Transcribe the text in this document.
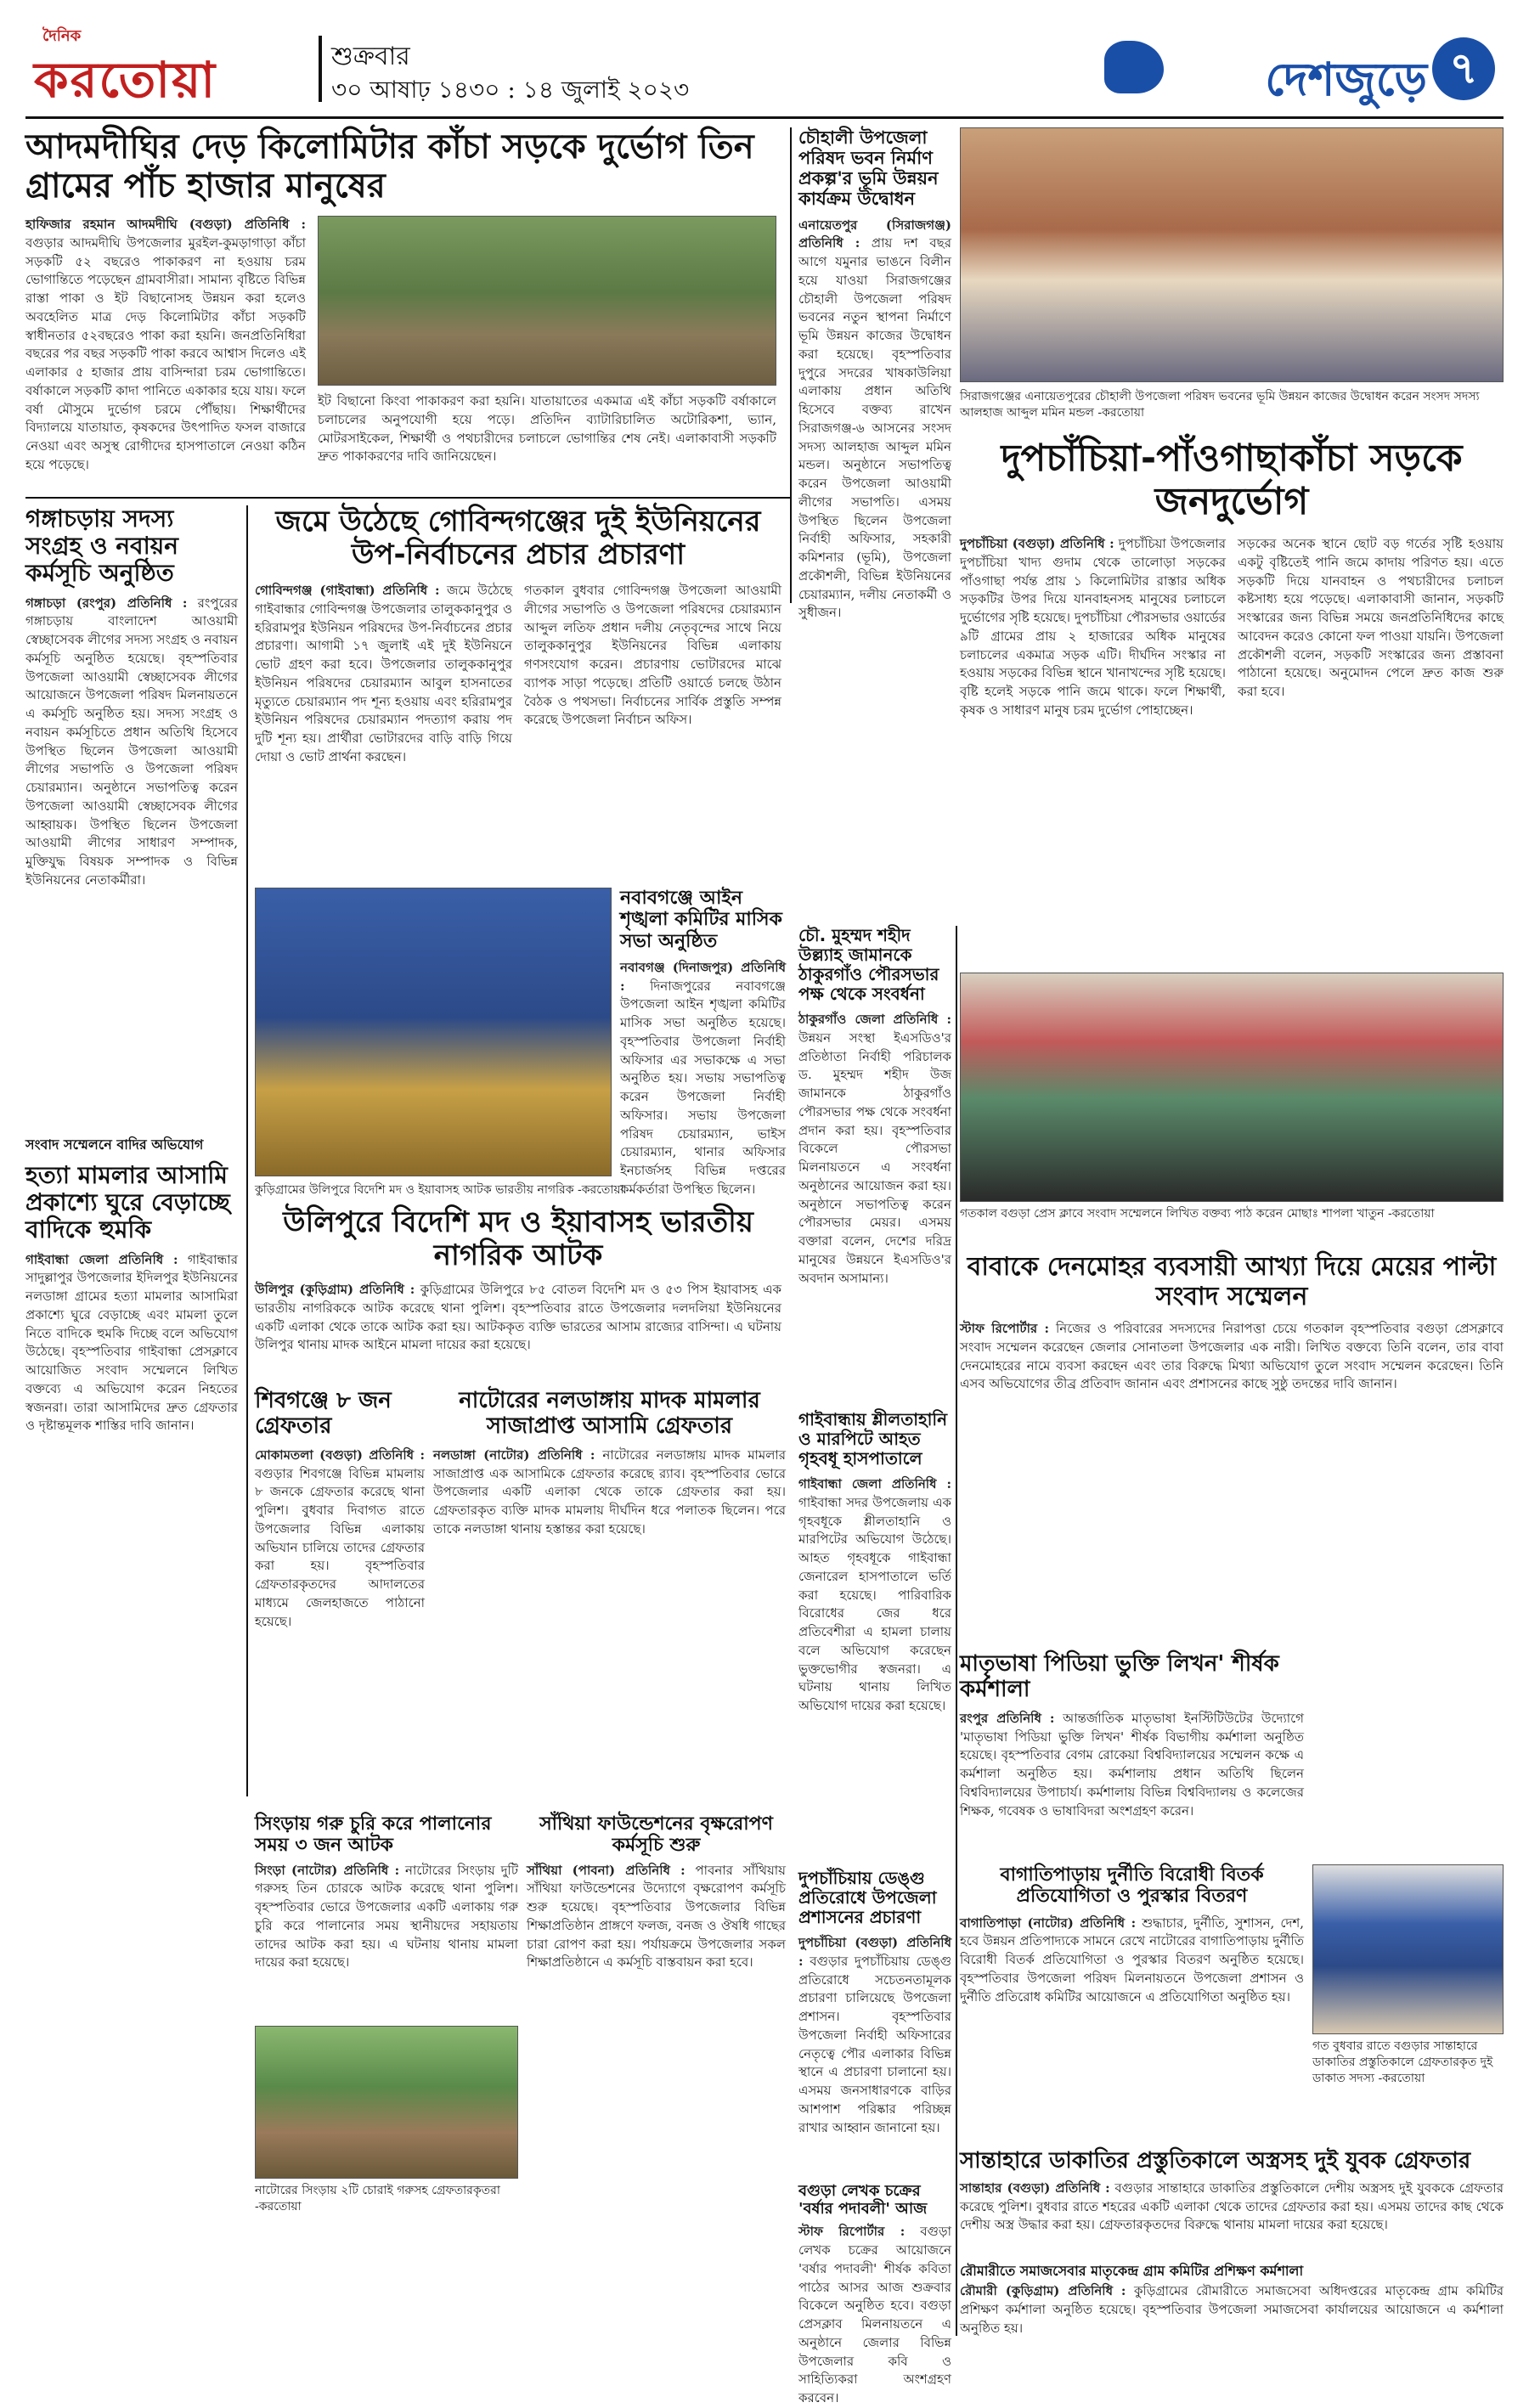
দৈনিক
করতোয়া	শুক্রবার
৩০ আষাঢ় ১৪৩০ : ১৪ জুলাই ২০২৩	দেশজুড়ে ৭
আদমদীঘির দেড় কিলোমিটার কাঁচা সড়কে দুর্ভোগ তিন গ্রামের পাঁচ হাজার মানুষের
হাফিজার রহমান আদমদীঘি (বগুড়া) প্রতিনিধি : বগুড়ার আদমদীঘি উপজেলার মুরইল-কুমড়াগাড়া কাঁচা সড়কটি ৫২ বছরেও পাকাকরণ না হওয়ায় চরম ভোগান্তিতে পড়েছেন গ্রামবাসীরা। সামান্য বৃষ্টিতে বিভিন্ন রাস্তা পাকা ও ইট বিছানোসহ উন্নয়ন করা হলেও অবহেলিত মাত্র দেড় কিলোমিটার কাঁচা সড়কটি স্বাধীনতার ৫২বছরেও পাকা করা হয়নি। জনপ্রতিনিধিরা বছরের পর বছর সড়কটি পাকা করবে আশ্বাস দিলেও এই এলাকার ৫ হাজার প্রায় বাসিন্দারা চরম ভোগান্তিতে। বর্ষাকালে সড়কটি কাদা পানিতে একাকার হয়ে যায়। ফলে বর্ষা মৌসুমে দুর্ভোগ চরমে পৌঁছায়। শিক্ষার্থীদের বিদ্যালয়ে যাতায়াত, কৃষকদের উৎপাদিত ফসল বাজারে নেওয়া এবং অসুস্থ রোগীদের হাসপাতালে নেওয়া কঠিন হয়ে পড়েছে।
ইট বিছানো কিংবা পাকাকরণ করা হয়নি। যাতায়াতের একমাত্র এই কাঁচা সড়কটি বর্ষাকালে চলাচলের অনুপযোগী হয়ে পড়ে। প্রতিদিন ব্যাটারিচালিত অটোরিকশা, ভ্যান, মোটরসাইকেল, শিক্ষার্থী ও পথচারীদের চলাচলে ভোগান্তির শেষ নেই। এলাকাবাসী সড়কটি দ্রুত পাকাকরণের দাবি জানিয়েছেন।
চৌহালী উপজেলা পরিষদ ভবন নির্মাণ প্রকল্প'র ভূমি উন্নয়ন কার্যক্রম উদ্বোধন
এনায়েতপুর (সিরাজগঞ্জ) প্রতিনিধি : প্রায় দশ বছর আগে যমুনার ভাঙনে বিলীন হয়ে যাওয়া সিরাজগঞ্জের চৌহালী উপজেলা পরিষদ ভবনের নতুন স্থাপনা নির্মাণে ভূমি উন্নয়ন কাজের উদ্বোধন করা হয়েছে। বৃহস্পতিবার দুপুরে সদরের খাষকাউলিয়া এলাকায় প্রধান অতিথি হিসেবে বক্তব্য রাখেন সিরাজগঞ্জ-৬ আসনের সংসদ সদস্য আলহাজ আব্দুল মমিন মন্ডল। অনুষ্ঠানে সভাপতিত্ব করেন উপজেলা আওয়ামী লীগের সভাপতি। এসময় উপস্থিত ছিলেন উপজেলা নির্বাহী অফিসার, সহকারী কমিশনার (ভূমি), উপজেলা প্রকৌশলী, বিভিন্ন ইউনিয়নের চেয়ারম্যান, দলীয় নেতাকর্মী ও সুধীজন।
সিরাজগঞ্জের এনায়েতপুরের চৌহালী উপজেলা পরিষদ ভবনের ভূমি উন্নয়ন কাজের উদ্বোধন করেন সংসদ সদস্য আলহাজ আব্দুল মমিন মন্ডল -করতোয়া
দুপচাঁচিয়া-পাঁওগাছাকাঁচা সড়কে জনদুর্ভোগ
দুপচাঁচিয়া (বগুড়া) প্রতিনিধি : দুপচাঁচিয়া উপজেলার দুপচাঁচিয়া খাদ্য গুদাম থেকে তালোড়া সড়কের পাঁওগাছা পর্যন্ত প্রায় ১ কিলোমিটার রাস্তার অধিক সড়কটির উপর দিয়ে যানবাহনসহ মানুষের চলাচলে দুর্ভোগের সৃষ্টি হয়েছে। দুপচাঁচিয়া পৌরসভার ওয়ার্ডের ৯টি গ্রামের প্রায় ২ হাজারের অধিক মানুষের চলাচলের একমাত্র সড়ক এটি। দীর্ঘদিন সংস্কার না হওয়ায় সড়কের বিভিন্ন স্থানে খানাখন্দের সৃষ্টি হয়েছে। বৃষ্টি হলেই সড়কে পানি জমে থাকে। ফলে শিক্ষার্থী, কৃষক ও সাধারণ মানুষ চরম দুর্ভোগ পোহাচ্ছেন।
সড়কের অনেক স্থানে ছোট বড় গর্তের সৃষ্টি হওয়ায় একটু বৃষ্টিতেই পানি জমে কাদায় পরিণত হয়। এতে সড়কটি দিয়ে যানবাহন ও পথচারীদের চলাচল কষ্টসাধ্য হয়ে পড়েছে। এলাকাবাসী জানান, সড়কটি সংস্কারের জন্য বিভিন্ন সময়ে জনপ্রতিনিধিদের কাছে আবেদন করেও কোনো ফল পাওয়া যায়নি। উপজেলা প্রকৌশলী বলেন, সড়কটি সংস্কারের জন্য প্রস্তাবনা পাঠানো হয়েছে। অনুমোদন পেলে দ্রুত কাজ শুরু করা হবে।
গঙ্গাচড়ায় সদস্য সংগ্রহ ও নবায়ন কর্মসূচি অনুষ্ঠিত
গঙ্গাচড়া (রংপুর) প্রতিনিধি : রংপুরের গঙ্গাচড়ায় বাংলাদেশ আওয়ামী স্বেচ্ছাসেবক লীগের সদস্য সংগ্রহ ও নবায়ন কর্মসূচি অনুষ্ঠিত হয়েছে। বৃহস্পতিবার উপজেলা আওয়ামী স্বেচ্ছাসেবক লীগের আয়োজনে উপজেলা পরিষদ মিলনায়তনে এ কর্মসূচি অনুষ্ঠিত হয়। সদস্য সংগ্রহ ও নবায়ন কর্মসূচিতে প্রধান অতিথি হিসেবে উপস্থিত ছিলেন উপজেলা আওয়ামী লীগের সভাপতি ও উপজেলা পরিষদ চেয়ারম্যান। অনুষ্ঠানে সভাপতিত্ব করেন উপজেলা আওয়ামী স্বেচ্ছাসেবক লীগের আহ্বায়ক। উপস্থিত ছিলেন উপজেলা আওয়ামী লীগের সাধারণ সম্পাদক, মুক্তিযুদ্ধ বিষয়ক সম্পাদক ও বিভিন্ন ইউনিয়নের নেতাকর্মীরা।
জমে উঠেছে গোবিন্দগঞ্জের দুই ইউনিয়নের উপ-নির্বাচনের প্রচার প্রচারণা
গোবিন্দগঞ্জ (গাইবান্ধা) প্রতিনিধি : জমে উঠেছে গাইবান্ধার গোবিন্দগঞ্জ উপজেলার তালুককানুপুর ও হরিরামপুর ইউনিয়ন পরিষদের উপ-নির্বাচনের প্রচার প্রচারণা। আগামী ১৭ জুলাই এই দুই ইউনিয়নে ভোট গ্রহণ করা হবে। উপজেলার তালুককানুপুর ইউনিয়ন পরিষদের চেয়ারম্যান আবুল হাসনাতের মৃত্যুতে চেয়ারম্যান পদ শূন্য হওয়ায় এবং হরিরামপুর ইউনিয়ন পরিষদের চেয়ারম্যান পদত্যাগ করায় পদ দুটি শূন্য হয়। প্রার্থীরা ভোটারদের বাড়ি বাড়ি গিয়ে দোয়া ও ভোট প্রার্থনা করছেন।
গতকাল বুধবার গোবিন্দগঞ্জ উপজেলা আওয়ামী লীগের সভাপতি ও উপজেলা পরিষদের চেয়ারম্যান আব্দুল লতিফ প্রধান দলীয় নেতৃবৃন্দের সাথে নিয়ে তালুককানুপুর ইউনিয়নের বিভিন্ন এলাকায় গণসংযোগ করেন। প্রচারণায় ভোটারদের মাঝে ব্যাপক সাড়া পড়েছে। প্রতিটি ওয়ার্ডে চলছে উঠান বৈঠক ও পথসভা। নির্বাচনের সার্বিক প্রস্তুতি সম্পন্ন করেছে উপজেলা নির্বাচন অফিস।
চৌ. মুহম্মদ শহীদ উল্ল্যাহ জামানকে ঠাকুরগাঁও পৌরসভার পক্ষ থেকে সংবর্ধনা
ঠাকুরগাঁও জেলা প্রতিনিধি : উন্নয়ন সংস্থা ইএসডিও'র প্রতিষ্ঠাতা নির্বাহী পরিচালক ড. মুহম্মদ শহীদ উজ জামানকে ঠাকুরগাঁও পৌরসভার পক্ষ থেকে সংবর্ধনা প্রদান করা হয়। বৃহস্পতিবার বিকেলে পৌরসভা মিলনায়তনে এ সংবর্ধনা অনুষ্ঠানের আয়োজন করা হয়। অনুষ্ঠানে সভাপতিত্ব করেন পৌরসভার মেয়র। এসময় বক্তারা বলেন, দেশের দরিদ্র মানুষের উন্নয়নে ইএসডিও'র অবদান অসামান্য।
কুড়িগ্রামের উলিপুরে বিদেশি মদ ও ইয়াবাসহ আটক ভারতীয় নাগরিক -করতোয়া
নবাবগঞ্জে আইন শৃঙ্খলা কমিটির মাসিক সভা অনুষ্ঠিত
নবাবগঞ্জ (দিনাজপুর) প্রতিনিধি : দিনাজপুরের নবাবগঞ্জে উপজেলা আইন শৃঙ্খলা কমিটির মাসিক সভা অনুষ্ঠিত হয়েছে। বৃহস্পতিবার উপজেলা নির্বাহী অফিসার এর সভাকক্ষে এ সভা অনুষ্ঠিত হয়। সভায় সভাপতিত্ব করেন উপজেলা নির্বাহী অফিসার। সভায় উপজেলা পরিষদ চেয়ারম্যান, ভাইস চেয়ারম্যান, থানার অফিসার ইনচার্জসহ বিভিন্ন দপ্তরের কর্মকর্তারা উপস্থিত ছিলেন।
গতকাল বগুড়া প্রেস ক্লাবে সংবাদ সম্মেলনে লিখিত বক্তব্য পাঠ করেন মোছাঃ শাপলা খাতুন -করতোয়া
সংবাদ সম্মেলনে বাদির অভিযোগ
হত্যা মামলার আসামি প্রকাশ্যে ঘুরে বেড়াচ্ছে বাদিকে হুমকি
গাইবান্ধা জেলা প্রতিনিধি : গাইবান্ধার সাদুল্লাপুর উপজেলার ইদিলপুর ইউনিয়নের নলডাঙ্গা গ্রামের হত্যা মামলার আসামিরা প্রকাশ্যে ঘুরে বেড়াচ্ছে এবং মামলা তুলে নিতে বাদিকে হুমকি দিচ্ছে বলে অভিযোগ উঠেছে। বৃহস্পতিবার গাইবান্ধা প্রেসক্লাবে আয়োজিত সংবাদ সম্মেলনে লিখিত বক্তব্যে এ অভিযোগ করেন নিহতের স্বজনরা। তারা আসামিদের দ্রুত গ্রেফতার ও দৃষ্টান্তমূলক শাস্তির দাবি জানান।
উলিপুরে বিদেশি মদ ও ইয়াবাসহ ভারতীয় নাগরিক আটক
উলিপুর (কুড়িগ্রাম) প্রতিনিধি : কুড়িগ্রামের উলিপুরে ৮৫ বোতল বিদেশি মদ ও ৫৩ পিস ইয়াবাসহ এক ভারতীয় নাগরিককে আটক করেছে থানা পুলিশ। বৃহস্পতিবার রাতে উপজেলার দলদলিয়া ইউনিয়নের একটি এলাকা থেকে তাকে আটক করা হয়। আটককৃত ব্যক্তি ভারতের আসাম রাজ্যের বাসিন্দা। এ ঘটনায় উলিপুর থানায় মাদক আইনে মামলা দায়ের করা হয়েছে।
বাবাকে দেনমোহর ব্যবসায়ী আখ্যা দিয়ে মেয়ের পাল্টা সংবাদ সম্মেলন
স্টাফ রিপোর্টার : নিজের ও পরিবারের সদস্যদের নিরাপত্তা চেয়ে গতকাল বৃহস্পতিবার বগুড়া প্রেসক্লাবে সংবাদ সম্মেলন করেছেন জেলার সোনাতলা উপজেলার এক নারী। লিখিত বক্তব্যে তিনি বলেন, তার বাবা দেনমোহরের নামে ব্যবসা করছেন এবং তার বিরুদ্ধে মিথ্যা অভিযোগ তুলে সংবাদ সম্মেলন করেছেন। তিনি এসব অভিযোগের তীব্র প্রতিবাদ জানান এবং প্রশাসনের কাছে সুষ্ঠু তদন্তের দাবি জানান।
গাইবান্ধায় শ্লীলতাহানি ও মারপিটে আহত গৃহবধূ হাসপাতালে
গাইবান্ধা জেলা প্রতিনিধি : গাইবান্ধা সদর উপজেলায় এক গৃহবধূকে শ্লীলতাহানি ও মারপিটের অভিযোগ উঠেছে। আহত গৃহবধূকে গাইবান্ধা জেনারেল হাসপাতালে ভর্তি করা হয়েছে। পারিবারিক বিরোধের জের ধরে প্রতিবেশীরা এ হামলা চালায় বলে অভিযোগ করেছেন ভুক্তভোগীর স্বজনরা। এ ঘটনায় থানায় লিখিত অভিযোগ দায়ের করা হয়েছে।
শিবগঞ্জে ৮ জন গ্রেফতার
মোকামতলা (বগুড়া) প্রতিনিধি : বগুড়ার শিবগঞ্জে বিভিন্ন মামলায় ৮ জনকে গ্রেফতার করেছে থানা পুলিশ। বুধবার দিবাগত রাতে উপজেলার বিভিন্ন এলাকায় অভিযান চালিয়ে তাদের গ্রেফতার করা হয়। বৃহস্পতিবার গ্রেফতারকৃতদের আদালতের মাধ্যমে জেলহাজতে পাঠানো হয়েছে।
নাটোরের নলডাঙ্গায় মাদক মামলার সাজাপ্রাপ্ত আসামি গ্রেফতার
নলডাঙ্গা (নাটোর) প্রতিনিধি : নাটোরের নলডাঙ্গায় মাদক মামলার সাজাপ্রাপ্ত এক আসামিকে গ্রেফতার করেছে র‌্যাব। বৃহস্পতিবার ভোরে উপজেলার একটি এলাকা থেকে তাকে গ্রেফতার করা হয়। গ্রেফতারকৃত ব্যক্তি মাদক মামলায় দীর্ঘদিন ধরে পলাতক ছিলেন। পরে তাকে নলডাঙ্গা থানায় হস্তান্তর করা হয়েছে।
মাতৃভাষা পিডিয়া ভুক্তি লিখন' শীর্ষক কর্মশালা
রংপুর প্রতিনিধি : আন্তর্জাতিক মাতৃভাষা ইনস্টিটিউটের উদ্যোগে 'মাতৃভাষা পিডিয়া ভুক্তি লিখন' শীর্ষক বিভাগীয় কর্মশালা অনুষ্ঠিত হয়েছে। বৃহস্পতিবার বেগম রোকেয়া বিশ্ববিদ্যালয়ের সম্মেলন কক্ষে এ কর্মশালা অনুষ্ঠিত হয়। কর্মশালায় প্রধান অতিথি ছিলেন বিশ্ববিদ্যালয়ের উপাচার্য। কর্মশালায় বিভিন্ন বিশ্ববিদ্যালয় ও কলেজের শিক্ষক, গবেষক ও ভাষাবিদরা অংশগ্রহণ করেন।
দুপচাঁচিয়ায় ডেঙ্গু প্রতিরোধে উপজেলা প্রশাসনের প্রচারণা
দুপচাঁচিয়া (বগুড়া) প্রতিনিধি : বগুড়ার দুপচাঁচিয়ায় ডেঙ্গু প্রতিরোধে সচেতনতামূলক প্রচারণা চালিয়েছে উপজেলা প্রশাসন। বৃহস্পতিবার উপজেলা নির্বাহী অফিসারের নেতৃত্বে পৌর এলাকার বিভিন্ন স্থানে এ প্রচারণা চালানো হয়। এসময় জনসাধারণকে বাড়ির আশপাশ পরিষ্কার পরিচ্ছন্ন রাখার আহ্বান জানানো হয়।
বাগাতিপাড়ায় দুর্নীতি বিরোধী বিতর্ক প্রতিযোগিতা ও পুরস্কার বিতরণ
বাগাতিপাড়া (নাটোর) প্রতিনিধি : শুদ্ধাচার, দুর্নীতি, সুশাসন, দেশ, হবে উন্নয়ন প্রতিপাদ্যকে সামনে রেখে নাটোরের বাগাতিপাড়ায় দুর্নীতি বিরোধী বিতর্ক প্রতিযোগিতা ও পুরস্কার বিতরণ অনুষ্ঠিত হয়েছে। বৃহস্পতিবার উপজেলা পরিষদ মিলনায়তনে উপজেলা প্রশাসন ও দুর্নীতি প্রতিরোধ কমিটির আয়োজনে এ প্রতিযোগিতা অনুষ্ঠিত হয়।
গত বুধবার রাতে বগুড়ার সান্তাহারে ডাকাতির প্রস্তুতিকালে গ্রেফতারকৃত দুই ডাকাত সদস্য -করতোয়া
সিংড়ায় গরু চুরি করে পালানোর সময় ৩ জন আটক
সিংড়া (নাটোর) প্রতিনিধি : নাটোরের সিংড়ায় দুটি গরুসহ তিন চোরকে আটক করেছে থানা পুলিশ। বৃহস্পতিবার ভোরে উপজেলার একটি এলাকায় গরু চুরি করে পালানোর সময় স্থানীয়দের সহায়তায় তাদের আটক করা হয়। এ ঘটনায় থানায় মামলা দায়ের করা হয়েছে।
নাটোরের সিংড়ায় ২টি চোরাই গরুসহ গ্রেফতারকৃতরা -করতোয়া
সাঁথিয়া ফাউন্ডেশনের বৃক্ষরোপণ কর্মসূচি শুরু
সাঁথিয়া (পাবনা) প্রতিনিধি : পাবনার সাঁথিয়ায় সাঁথিয়া ফাউন্ডেশনের উদ্যোগে বৃক্ষরোপণ কর্মসূচি শুরু হয়েছে। বৃহস্পতিবার উপজেলার বিভিন্ন শিক্ষাপ্রতিষ্ঠান প্রাঙ্গণে ফলজ, বনজ ও ঔষধি গাছের চারা রোপণ করা হয়। পর্যায়ক্রমে উপজেলার সকল শিক্ষাপ্রতিষ্ঠানে এ কর্মসূচি বাস্তবায়ন করা হবে।
বগুড়া লেখক চক্রের 'বর্ষার পদাবলী' আজ
স্টাফ রিপোর্টার : বগুড়া লেখক চক্রের আয়োজনে 'বর্ষার পদাবলী' শীর্ষক কবিতা পাঠের আসর আজ শুক্রবার বিকেলে অনুষ্ঠিত হবে। বগুড়া প্রেসক্লাব মিলনায়তনে এ অনুষ্ঠানে জেলার বিভিন্ন উপজেলার কবি ও সাহিত্যিকরা অংশগ্রহণ করবেন।
সান্তাহারে ডাকাতির প্রস্তুতিকালে অস্ত্রসহ দুই যুবক গ্রেফতার
সান্তাহার (বগুড়া) প্রতিনিধি : বগুড়ার সান্তাহারে ডাকাতির প্রস্তুতিকালে দেশীয় অস্ত্রসহ দুই যুবককে গ্রেফতার করেছে পুলিশ। বুধবার রাতে শহরের একটি এলাকা থেকে তাদের গ্রেফতার করা হয়। এসময় তাদের কাছ থেকে দেশীয় অস্ত্র উদ্ধার করা হয়। গ্রেফতারকৃতদের বিরুদ্ধে থানায় মামলা দায়ের করা হয়েছে।
রৌমারীতে সমাজসেবার মাতৃকেন্দ্র গ্রাম কমিটির প্রশিক্ষণ কর্মশালা
রৌমারী (কুড়িগ্রাম) প্রতিনিধি : কুড়িগ্রামের রৌমারীতে সমাজসেবা অধিদপ্তরের মাতৃকেন্দ্র গ্রাম কমিটির প্রশিক্ষণ কর্মশালা অনুষ্ঠিত হয়েছে। বৃহস্পতিবার উপজেলা সমাজসেবা কার্যালয়ের আয়োজনে এ কর্মশালা অনুষ্ঠিত হয়।
